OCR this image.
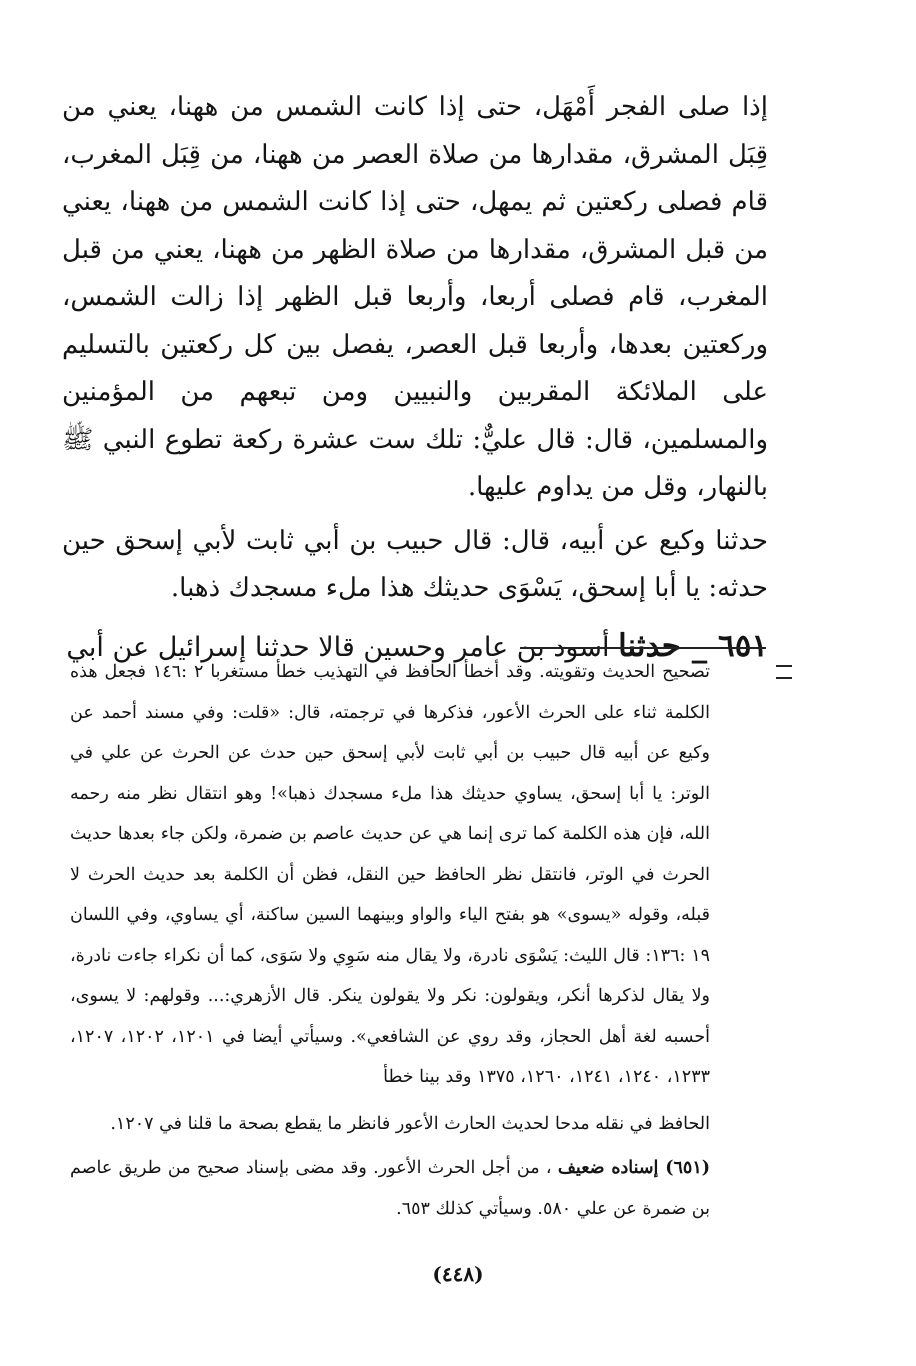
إذا صلى الفجر أَمْهَل، حتى إذا كانت الشمس من ههنا، يعني من قِبَل المشرق، مقدارها من صلاة العصر من ههنا، من قِبَل المغرب، قام فصلى ركعتين ثم يمهل، حتى إذا كانت الشمس من ههنا، يعني من قبل المشرق، مقدارها من صلاة الظهر من ههنا، يعني من قبل المغرب، قام فصلى أربعا، وأربعا قبل الظهر إذا زالت الشمس، وركعتين بعدها، وأربعا قبل العصر، يفصل بين كل ركعتين بالتسليم على الملائكة المقربين والنبيين ومن تبعهم من المؤمنين والمسلمين، قال: قال عليٌّ: تلك ست عشرة ركعة تطوع النبي ﷺ بالنهار، وقل من يداوم عليها.

حدثنا وكيع عن أبيه، قال: قال حبيب بن أبي ثابت لأبي إسحق حين حدثه: يا أبا إسحق، يَسْوَى حديثك هذا ملء مسجدك ذهبا.

٦٥١ _ حدثنا أسود بن عامر وحسين قالا حدثنا إسرائيل عن أبي

تصحيح الحديث وتقويته. وقد أخطأ الحافظ في التهذيب خطأ مستغربا ٢ :١٤٦ فجعل هذه الكلمة ثناء على الحرث الأعور، فذكرها في ترجمته، قال: «قلت: وفي مسند أحمد عن وكيع عن أبيه قال حبيب بن أبي ثابت لأبي إسحق حين حدث عن الحرث عن علي في الوتر: يا أبا إسحق، يساوي حديثك هذا ملء مسجدك ذهبا»! وهو انتقال نظر منه رحمه الله، فإن هذه الكلمة كما ترى إنما هي عن حديث عاصم بن ضمرة، ولكن جاء بعدها حديث الحرث في الوتر، فانتقل نظر الحافظ حين النقل، فظن أن الكلمة بعد حديث الحرث لا قبله، وقوله «يسوى» هو بفتح الياء والواو وبينهما السين ساكنة، أي يساوي، وفي اللسان ١٩ :١٣٦: قال الليث: يَسْوَى نادرة، ولا يقال منه سَوِي ولا سَوَى، كما أن نكراء جاءت نادرة، ولا يقال لذكرها أنكر، ويقولون: نكر ولا يقولون ينكر. قال الأزهري:... وقولهم: لا يسوى، أحسبه لغة أهل الحجاز، وقد روي عن الشافعي». وسيأتي أيضا في ١٢٠١، ١٢٠٢، ١٢٠٧، ١٢٣٣، ١٢٤٠، ١٢٤١، ١٢٦٠، ١٣٧٥ وقد بينا خطأ

الحافظ في نقله مدحا لحديث الحارث الأعور فانظر ما يقطع بصحة ما قلنا في ١٢٠٧.

(٦٥١) إسناده ضعيف ، من أجل الحرث الأعور. وقد مضى بإسناد صحيح من طريق عاصم بن ضمرة عن علي ٥٨٠. وسيأتي كذلك ٦٥٣.

(٤٤٨)
